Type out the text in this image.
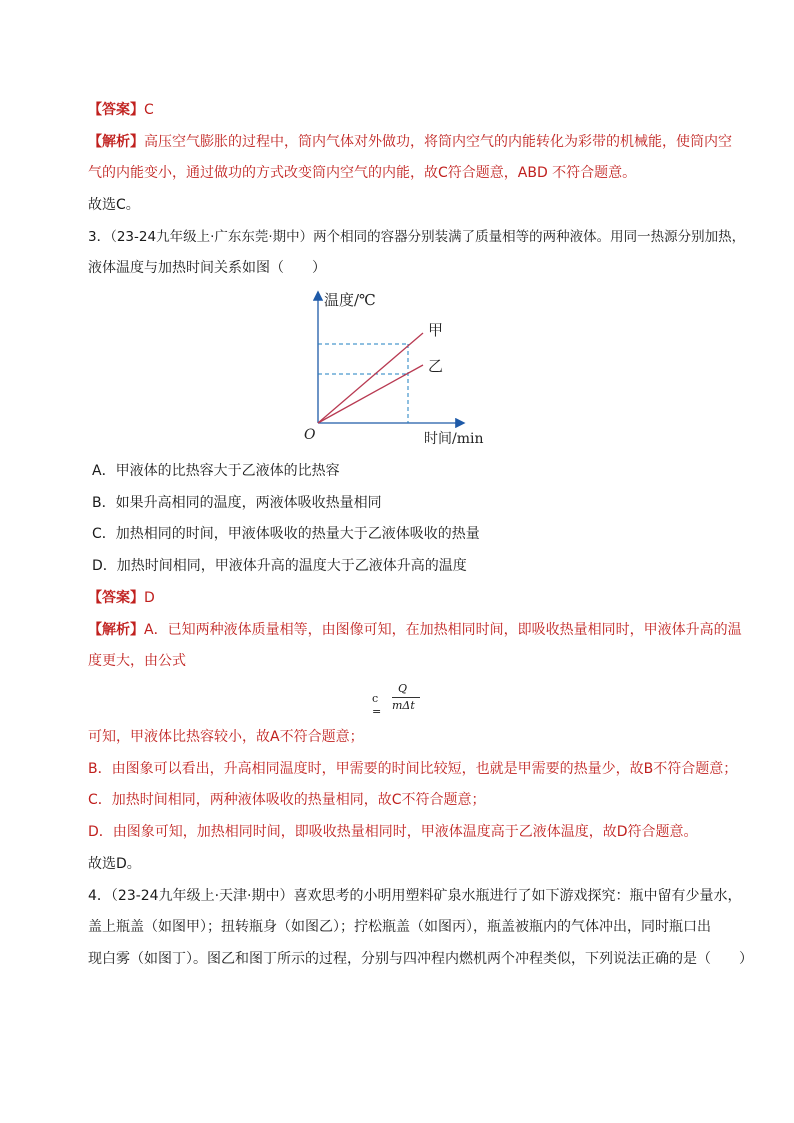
【答案】C
【解析】高压空气膨胀的过程中，筒内气体对外做功，将筒内空气的内能转化为彩带的机械能，使筒内空
气的内能变小，通过做功的方式改变筒内空气的内能，故C符合题意，ABD 不符合题意。
故选C。
3．（23-24九年级上·广东东莞·期中）两个相同的容器分别装满了质量相等的两种液体。用同一热源分别加热，
液体温度与加热时间关系如图（　　）
温度/℃
时间/min
O
甲
乙
A．甲液体的比热容大于乙液体的比热容
B．如果升高相同的温度，两液体吸收热量相同
C．加热相同的时间，甲液体吸收的热量大于乙液体吸收的热量
D．加热时间相同，甲液体升高的温度大于乙液体升高的温度
【答案】D
【解析】A．已知两种液体质量相等，由图像可知，在加热相同时间，即吸收热量相同时，甲液体升高的温
度更大，由公式
c =
Q
mΔt
可知，甲液体比热容较小，故A不符合题意；
B．由图象可以看出，升高相同温度时，甲需要的时间比较短，也就是甲需要的热量少，故B不符合题意；
C．加热时间相同，两种液体吸收的热量相同，故C不符合题意；
D．由图象可知，加热相同时间，即吸收热量相同时，甲液体温度高于乙液体温度，故D符合题意。
故选D。
4．（23-24九年级上·天津·期中）喜欢思考的小明用塑料矿泉水瓶进行了如下游戏探究：瓶中留有少量水，
盖上瓶盖（如图甲）；扭转瓶身（如图乙）；拧松瓶盖（如图丙），瓶盖被瓶内的气体冲出，同时瓶口出
现白雾（如图丁）。图乙和图丁所示的过程，分别与四冲程内燃机两个冲程类似，下列说法正确的是（　　）
